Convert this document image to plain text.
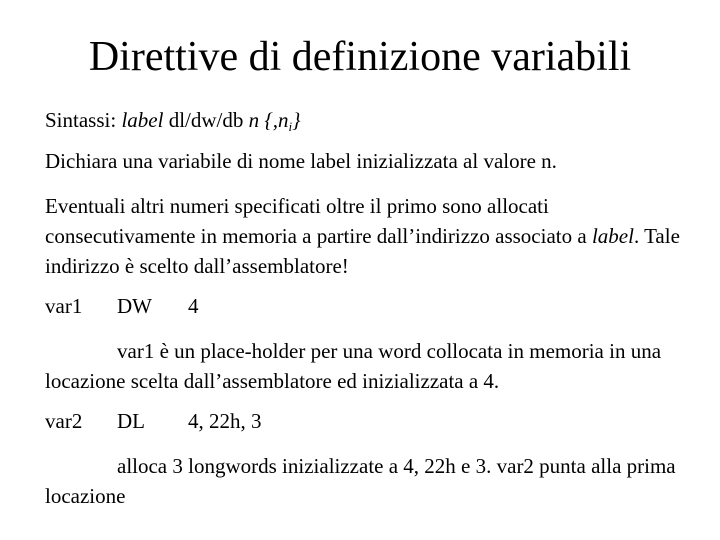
Direttive di definizione variabili
Sintassi: label dl/dw/db n $\{,n_i\}$
Dichiara una variabile di nome label inizializzata al valore n.
Eventuali altri numeri specificati oltre il primo sono allocati consecutivamente in memoria a partire dall’indirizzo associato a label. Tale indirizzo è scelto dall’assemblatore!
var1 DW 4
var1 è un place-holder per una word collocata in memoria in una locazione scelta dall’assemblatore ed inizializzata a 4.
var2 DL 4, 22h, 3
alloca 3 longwords inizializzate a 4, 22h e 3. var2 punta alla prima locazione
